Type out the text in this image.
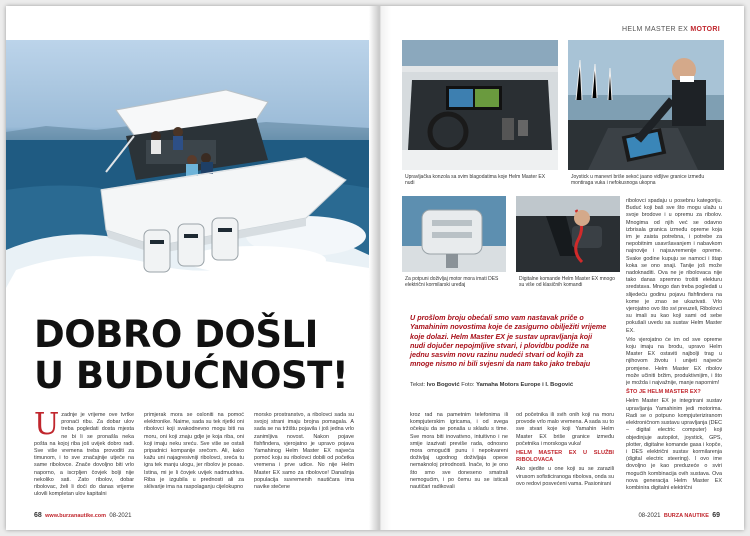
DOBRO DOŠLI
U BUDUĆNOST!
U zadnje je vrijeme ove tvrtke pronaći ribu. Za dobar ulov treba pogledati dosta mjesta ne bi li se pronašla neka pošta na kojoj riba još uvijek dobro radi. Sve više vremena treba provoditi za timunom, i to sve značajnije utječe na same ribolovce. Znače dovoljno biti vrlo naporno, a iscrpljen čovjek bolji nije nekoliko sati. Zato ribolov, dobar ribolovac, želi li doći do danas vrijeme ulovili kompletan ulov kapitalni
primjerak mora se osloniti na pomoć elektronike. Naime, sada su tek rijetki oni ribolovci koji svakodnevno mogu biti na moru, oni koji znaju gdje je koja riba, oni koji imaju neku sreću. Sve više se ostali pripadnici kompanije srečom. Ali, kako kažu uni najagresivniji ribolovci, sreća tu igra tek manju ulogu, jer ribolov je posao. Istina, mi je li čovjek uvijek nadmudriva. Riba je izgubila u prednosti ali za sklivarije ima na raspolaganju cijelokupno
morsko prostranstvo, a ribolovci sada su svojoj strani imaju brojna pomagala. A sada se na tržištu pojavila i još jedna vrlo zanimljiva novost. Nakon pojave fishfindera, vjerojatno je upravo pojava Yamahinog Helm Master EX najveća pomoć koju su ribolovci dobili od početka vremena i prve udice. No nije Helm Master EX samo za ribolovce! Današnja populacija suvremenih nautičara ima navike stečene
68 www.burzanautike.com 08-2021
HELM MASTER EX MOTORI
Upravljačka konzola sa svim blagodatima koje Helm Master EX nudi
Joystick u manevri briše sekoć jaano vidljive granice između montiraga vuka i nefokusnoga ukopna
Za potpuni doživljaj motor mora imati DES električni kormilarski uređaj
Digitalne komande Helm Master EX mnogo su više od klasičnih komandi
U prošlom broju obećali smo vam nastavak priče o Yamahinim novostima koje će zasigurno obilježiti vrijeme koje dolazi. Helm Master EX je sustav upravljanja koji nudi dojučer nepojmljive stvari, i plovidbu podiže na jednu sasvim novu razinu nudeći stvari od kojih za mnoge nismo ni bili svjesni da nam tako jako trebaju
Tekst: Ivo Bogović Foto: Yamaha Motors Europe i I. Bogović
kroz rad na pametnim telefonima ili kompjuterskim igricama, i od svega očekuju da se ponaša u skladu s time. Sve mora biti inovativno, intuitivno i ne smije izazivati previše rada, odnosno mora omogućiti punu i nepokvareni doživljaj ugodnog doživljaja opeoe nemaknoloj prirodnosti. Inače, to je ono što smo sve doneseno smatrali nemogućim, i po čemu su se isticali nautičari radikovali

od početnika ili svih onih koji na moru provode vrlo malo vremena. A sada su to sve stvari koje koji Yamahin Helm Master EX briše granice između početnika i morskoga vuka!

HELM MASTER EX U SLUŽBI RIBOLOVACA

Ako sjedite u one koji su se zarazili virusom sofisticiranoga ribolova, onda su ovo redovi posvećeni vama. Pasionirani

ribolovci spadaju u posebnu kategoriju. Buduć koji baš sve što mogu ulažu u svoje brodove i u opremu za ribolov. Mnogima od njih već se odavno izbrisala granica između opreme koja im je zaista potrebna, i potrebe za nepobitnim usavršavanjem i nabavkom najnovije i najsuvremenije opreme. Svake godine kupuju se namoci i štap koka se ono snaji. Tanije još može nadoknaditi. Ova ne je ribolovaca nije tako danas spremno trošiti elekturu sredstava. Mnogo dan treba pogledati u slijedeću godinu pojavu fishfindera na kome je znao se ukazivati. Vrlo vjerojatno ovo što svi preuzeli, Ribolovci su imali su kao koji sami od sebe pokušali uvedu sa sustav Helm Master EX.

Vrlo vjerojatno ćе im od sve opreme koju imaju na brodu, upravo Helm Master EX ostaviti najbolji trag u njihovom životu i unijeti najveće promjene. Helm Master EX ribolov može učiniti bržim, produktivnijim, i što je možda i najvažnije, manje napornim!

ŠTO JE HELM MASTER EX?

Helm Master EX je integrirani sustav upravljanja Yamahinim jedi motorima. Radi se o potpuno kompjuteriziranom elektroničnom sustavu upravljanja (DEC – digital electric computer) koji objedinjuje autopilot, joystick, GPS, plotter, digitalne komande gasa i kopče, i DES električni sustav kormilarenja (digital electric steering). I ovo ime dovoljno je kao preduzeće o sviri mogućih kombinacija ovih sustava. Ova nova generacija Helm Master EX kombinira digitalni električni

08-2021 BURZA NAUTIKE 69
